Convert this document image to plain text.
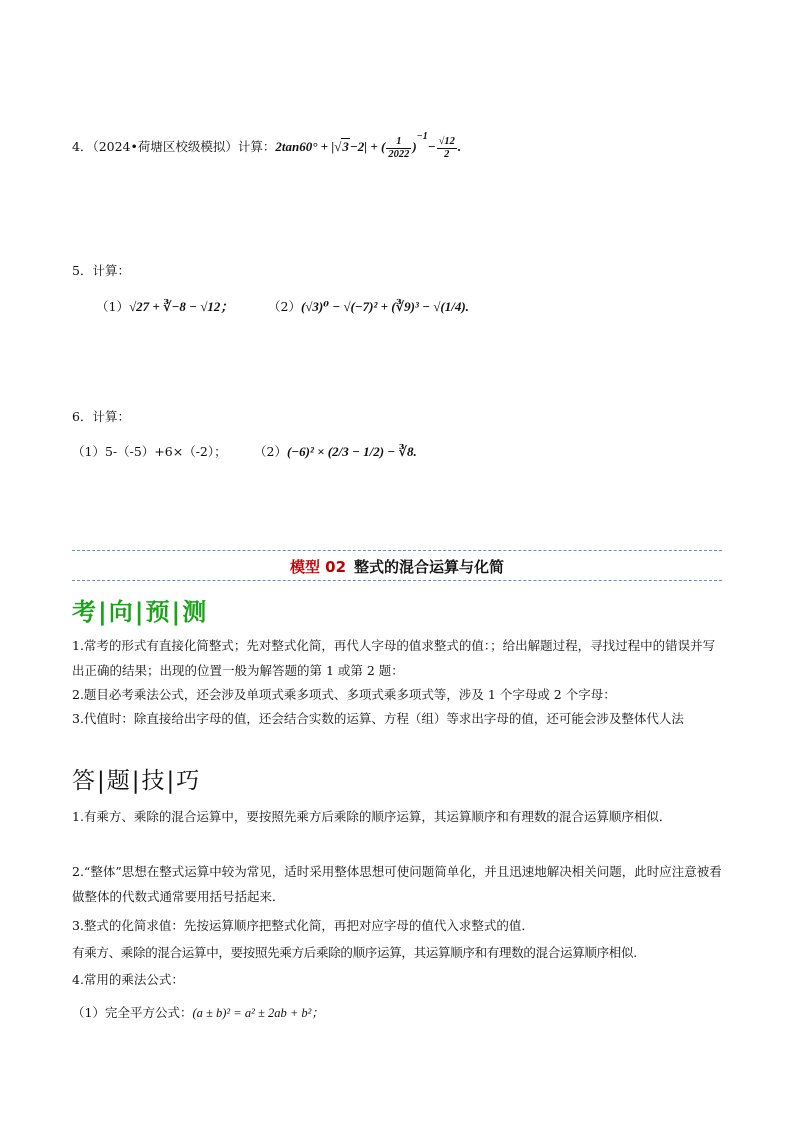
4．（2024•荷塘区校级模拟）计算：2tan60° + |√3−2| + ( $\frac{1}{2022} )^{-1}- \frac{√12}{2}$ .
5．计算：
（1）√27 + ∛−8 − √12；	（2）(√3)⁰ − √(−7)² + (∛9)³ − √(1/4).
6．计算：
（1）5-（-5）+6×（-2）； （2）(−6)² × (2/3 − 1/2) − ∛8.
模型 02 整式的混合运算与化简
考|向|预|测
1.常考的形式有直接化简整式；先对整式化简，再代人字母的值求整式的值：；给出解题过程，寻找过程中的错误并写出正确的结果；出现的位置一般为解答题的第 1 或第 2 题：
2.题目必考乘法公式，还会涉及单项式乘多项式、多项式乘多项式等，涉及 1 个字母或 2 个字母：
3.代值时：除直接给出字母的值，还会结合实数的运算、方程（组）等求出字母的值，还可能会涉及整体代人法
答|题|技|巧
1.有乘方、乘除的混合运算中，要按照先乘方后乘除的顺序运算，其运算顺序和有理数的混合运算顺序相似．
2.“整体”思想在整式运算中较为常见，适时采用整体思想可使问题简单化，并且迅速地解决相关问题，此时应注意被看做整体的代数式通常要用括号括起来．
3.整式的化简求值：先按运算顺序把整式化简，再把对应字母的值代入求整式的值．
有乘方、乘除的混合运算中，要按照先乘方后乘除的顺序运算，其运算顺序和有理数的混合运算顺序相似.
4.常用的乘法公式：
（1）完全平方公式：(a ± b)² = a² ± 2ab + b²；
